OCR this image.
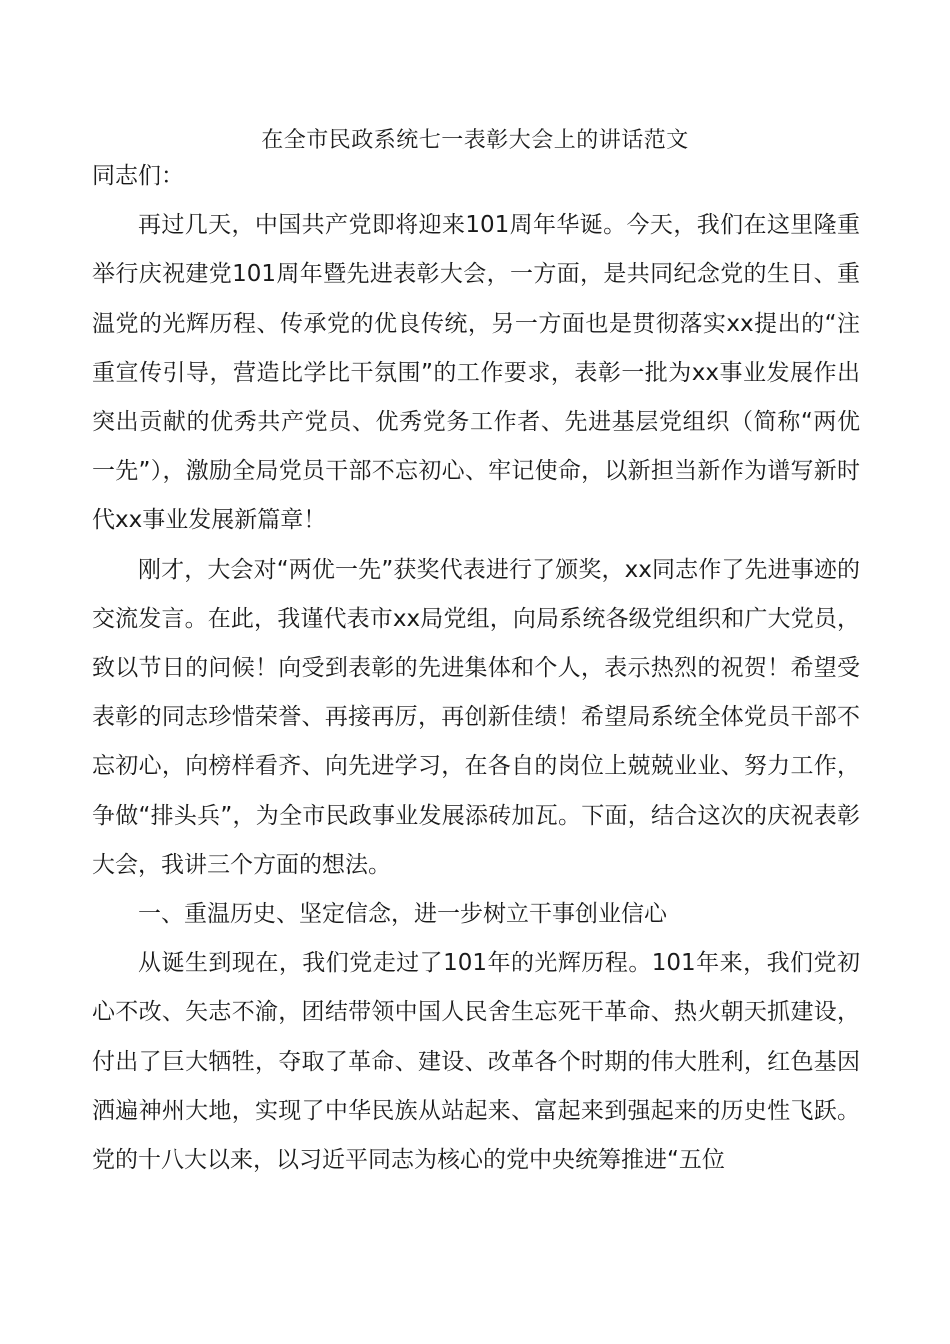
在全市民政系统七一表彰大会上的讲话范文

同志们：

再过几天，中国共产党即将迎来101周年华诞。今天，我们在这里隆重举行庆祝建党101周年暨先进表彰大会，一方面，是共同纪念党的生日、重温党的光辉历程、传承党的优良传统，另一方面也是贯彻落实xx提出的“注重宣传引导，营造比学比干氛围”的工作要求，表彰一批为xx事业发展作出突出贡献的优秀共产党员、优秀党务工作者、先进基层党组织（简称“两优一先”），激励全局党员干部不忘初心、牢记使命，以新担当新作为谱写新时代xx事业发展新篇章！

刚才，大会对“两优一先”获奖代表进行了颁奖，xx同志作了先进事迹的交流发言。在此，我谨代表市xx局党组，向局系统各级党组织和广大党员，致以节日的问候！向受到表彰的先进集体和个人，表示热烈的祝贺！希望受表彰的同志珍惜荣誉、再接再厉，再创新佳绩！希望局系统全体党员干部不忘初心，向榜样看齐、向先进学习，在各自的岗位上兢兢业业、努力工作，争做“排头兵”，为全市民政事业发展添砖加瓦。下面，结合这次的庆祝表彰大会，我讲三个方面的想法。

一、重温历史、坚定信念，进一步树立干事创业信心

从诞生到现在，我们党走过了101年的光辉历程。101年来，我们党初心不改、矢志不渝，团结带领中国人民舍生忘死干革命、热火朝天抓建设，付出了巨大牺牲，夺取了革命、建设、改革各个时期的伟大胜利，红色基因洒遍神州大地，实现了中华民族从站起来、富起来到强起来的历史性飞跃。党的十八大以来，以习近平同志为核心的党中央统筹推进“五位
